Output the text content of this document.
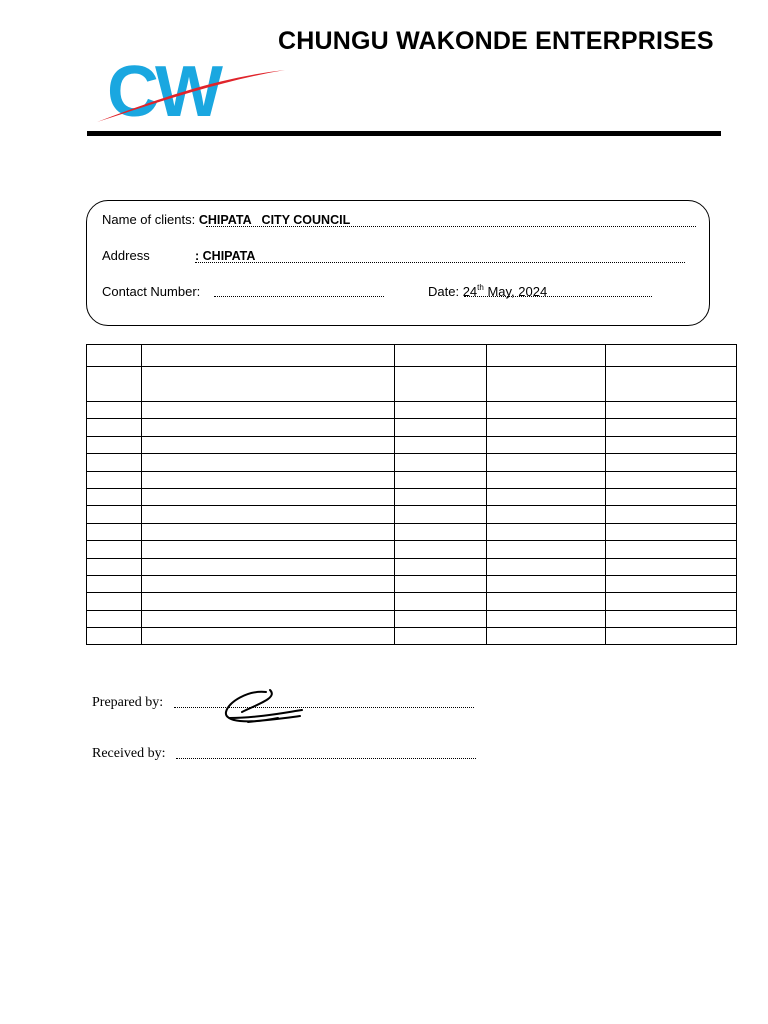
CHUNGU WAKONDE ENTERPRISES
CW
Name of clients: CHIPATA   CITY COUNCIL
Address	: CHIPATA
Contact Number:	Date: 24th May, 2024

Prepared by:
Received by:
